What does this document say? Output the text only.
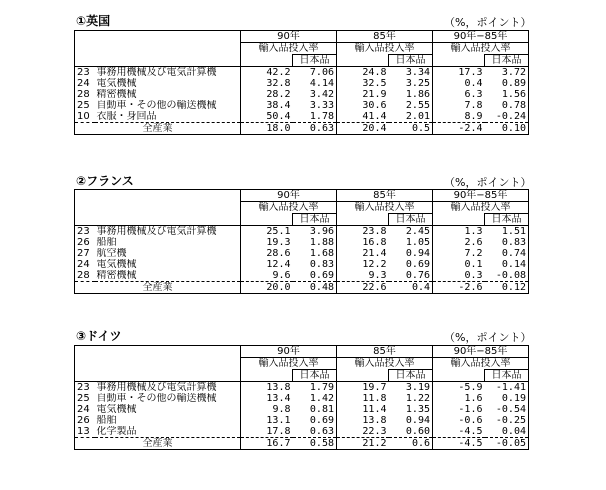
①英国	（%，ポイント）
		90年		85年		90年−85年	
		輸入品投入率		輸入品投入率		輸入品投入率	
			日本品		日本品		日本品
23	事務用機械及び電気計算機	42.2	7.06	24.8	3.34	17.3	3.72
24	電気機械	32.8	4.14	32.5	3.25	0.4	0.89
28	精密機械	28.2	3.42	21.9	1.86	6.3	1.56
25	自動車・その他の輸送機械	38.4	3.33	30.6	2.55	7.8	0.78
10	衣服・身回品	50.4	1.78	41.4	2.01	8.9	-0.24
全産業		18.0	0.63	20.4	0.5	-2.4	0.10
②フランス	（%，ポイント）
		90年		85年		90年−85年	
		輸入品投入率		輸入品投入率		輸入品投入率	
			日本品		日本品		日本品
23	事務用機械及び電気計算機	25.1	3.96	23.8	2.45	1.3	1.51
26	船舶	19.3	1.88	16.8	1.05	2.6	0.83
27	航空機	28.6	1.68	21.4	0.94	7.2	0.74
24	電気機械	12.4	0.83	12.2	0.69	0.1	0.14
28	精密機械	9.6	0.69	9.3	0.76	0.3	-0.08
全産業		20.0	0.48	22.6	0.4	-2.6	0.12
③ドイツ	（%，ポイント）
		90年		85年		90年−85年	
		輸入品投入率		輸入品投入率		輸入品投入率	
			日本品		日本品		日本品
23	事務用機械及び電気計算機	13.8	1.79	19.7	3.19	-5.9	-1.41
25	自動車・その他の輸送機械	13.4	1.42	11.8	1.22	1.6	0.19
24	電気機械	9.8	0.81	11.4	1.35	-1.6	-0.54
26	船舶	13.1	0.69	13.8	0.94	-0.6	-0.25
13	化学製品	17.8	0.63	22.3	0.60	-4.5	0.04
全産業		16.7	0.58	21.2	0.6	-4.5	-0.05
